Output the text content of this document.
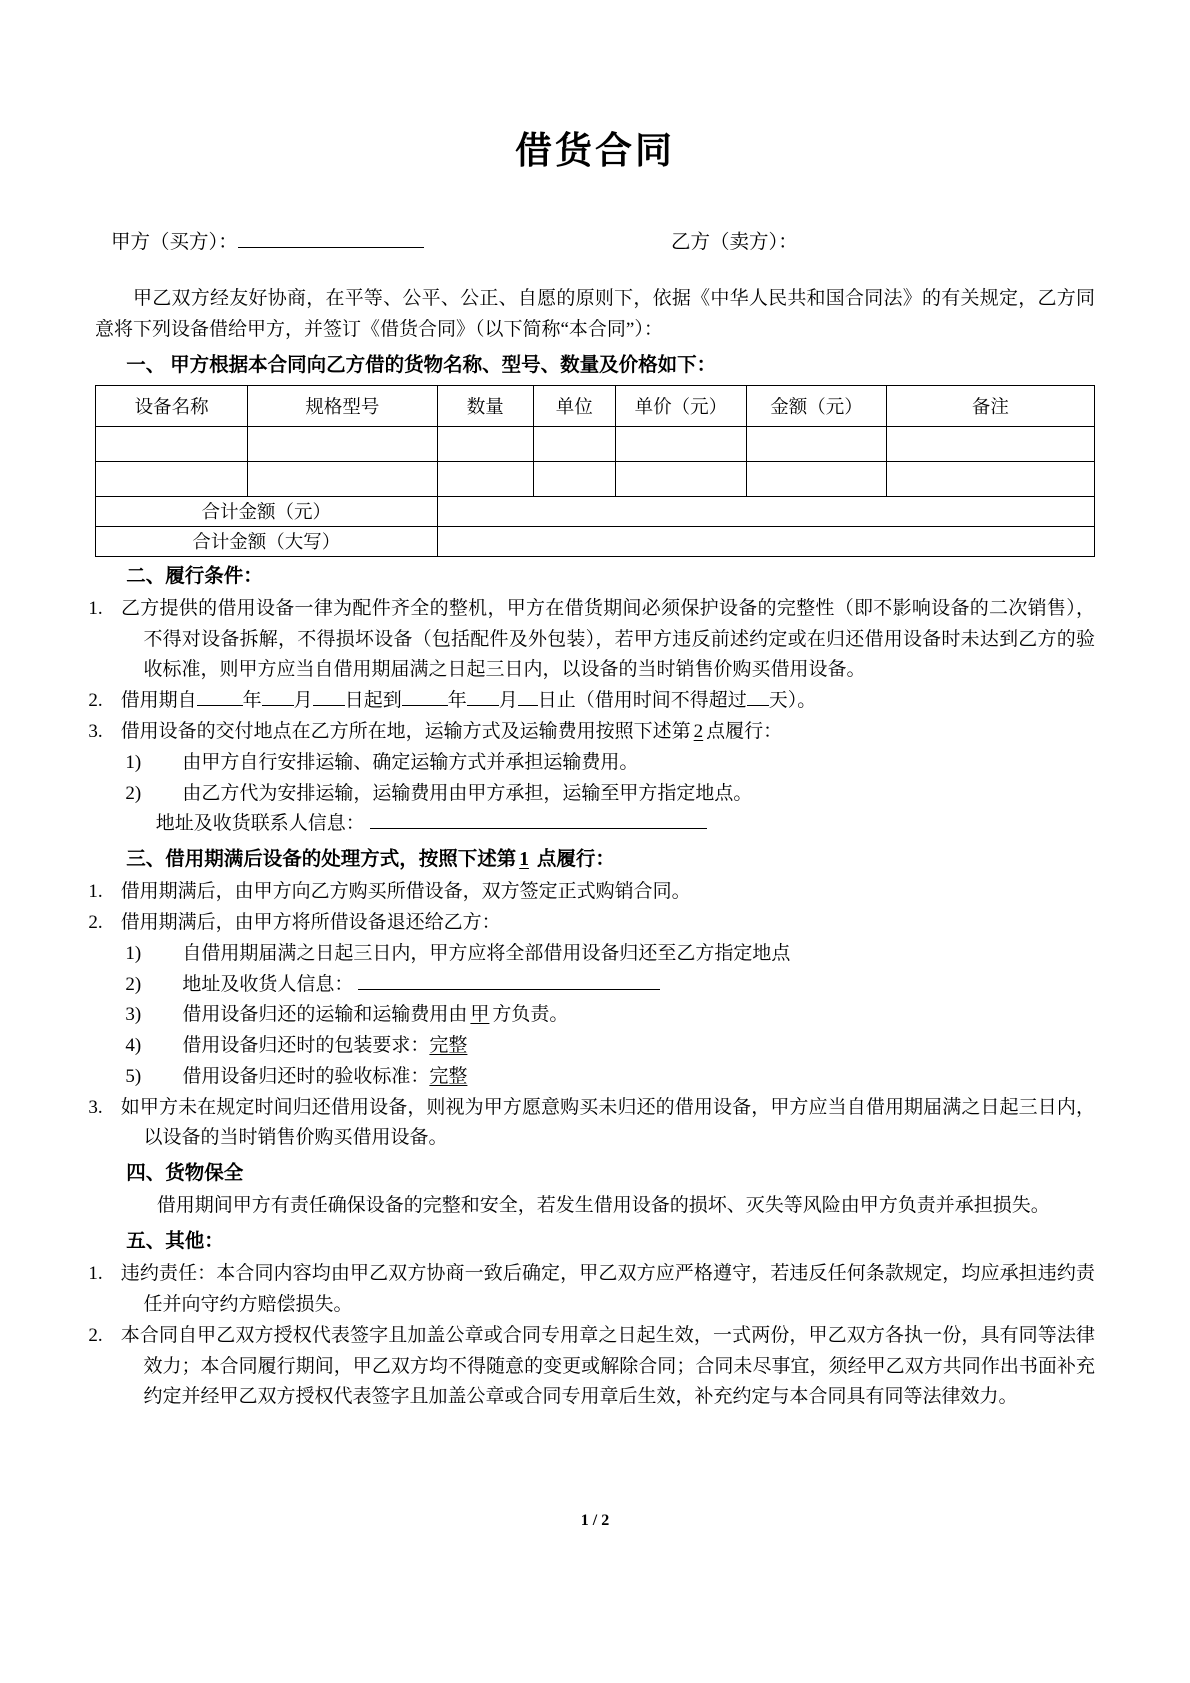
借货合同
甲方（买方）：	乙方（卖方）：

甲乙双方经友好协商，在平等、公平、公正、自愿的原则下，依据《中华人民共和国合同法》的有关规定，乙方同意将下列设备借给甲方，并签订《借货合同》（以下简称“本合同”）：

一、 甲方根据本合同向乙方借的货物名称、型号、数量及价格如下：
设备名称	规格型号	数量	单位	单价（元）	金额（元）	备注

合计金额（元）						
合计金额（大写）						
二、履行条件：

1. 乙方提供的借用设备一律为配件齐全的整机，甲方在借货期间必须保护设备的完整性（即不影响设备的二次销售），不得对设备拆解，不得损坏设备（包括配件及外包装），若甲方违反前述约定或在归还借用设备时未达到乙方的验收标准，则甲方应当自借用期届满之日起三日内，以设备的当时销售价购买借用设备。

2. 借用期自 年 月 日起到 年 月 日止（借用时间不得超过 天）。

3. 借用设备的交付地点在乙方所在地，运输方式及运输费用按照下述第 2 点履行：

1) 由甲方自行安排运输、确定运输方式并承担运输费用。

2) 由乙方代为安排运输，运输费用由甲方承担，运输至甲方指定地点。

地址及收货联系人信息：

三、借用期满后设备的处理方式，按照下述第 1 点履行：

1. 借用期满后，由甲方向乙方购买所借设备，双方签定正式购销合同。

2. 借用期满后，由甲方将所借设备退还给乙方：

1) 自借用期届满之日起三日内，甲方应将全部借用设备归还至乙方指定地点

2) 地址及收货人信息：

3) 借用设备归还的运输和运输费用由 甲 方负责。

4) 借用设备归还时的包装要求：完整

5) 借用设备归还时的验收标准：完整

3. 如甲方未在规定时间归还借用设备，则视为甲方愿意购买未归还的借用设备，甲方应当自借用期届满之日起三日内，以设备的当时销售价购买借用设备。

四、货物保全

借用期间甲方有责任确保设备的完整和安全，若发生借用设备的损坏、灭失等风险由甲方负责并承担损失。

五、其他：

1. 违约责任：本合同内容均由甲乙双方协商一致后确定，甲乙双方应严格遵守，若违反任何条款规定，均应承担违约责任并向守约方赔偿损失。

2. 本合同自甲乙双方授权代表签字且加盖公章或合同专用章之日起生效，一式两份，甲乙双方各执一份，具有同等法律效力；本合同履行期间，甲乙双方均不得随意的变更或解除合同；合同未尽事宜，须经甲乙双方共同作出书面补充约定并经甲乙双方授权代表签字且加盖公章或合同专用章后生效，补充约定与本合同具有同等法律效力。

1 / 2
